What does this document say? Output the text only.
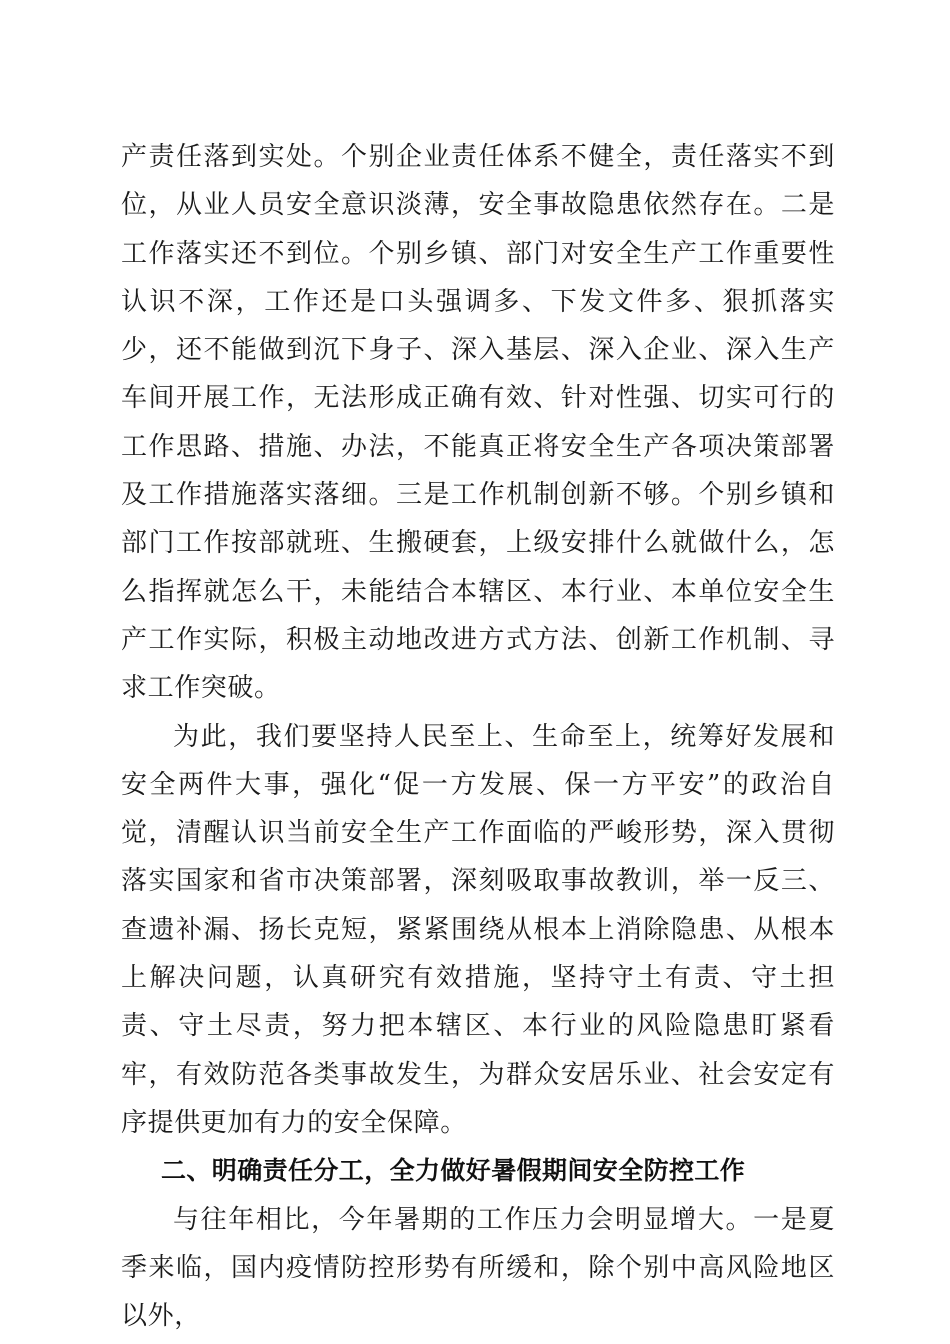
产责任落到实处。个别企业责任体系不健全，责任落实不到位，从业人员安全意识淡薄，安全事故隐患依然存在。二是工作落实还不到位。个别乡镇、部门对安全生产工作重要性认识不深，工作还是口头强调多、下发文件多、狠抓落实少，还不能做到沉下身子、深入基层、深入企业、深入生产车间开展工作，无法形成正确有效、针对性强、切实可行的工作思路、措施、办法，不能真正将安全生产各项决策部署及工作措施落实落细。三是工作机制创新不够。个别乡镇和部门工作按部就班、生搬硬套，上级安排什么就做什么，怎么指挥就怎么干，未能结合本辖区、本行业、本单位安全生产工作实际，积极主动地改进方式方法、创新工作机制、寻求工作突破。

为此，我们要坚持人民至上、生命至上，统筹好发展和安全两件大事，强化“促一方发展、保一方平安”的政治自觉，清醒认识当前安全生产工作面临的严峻形势，深入贯彻落实国家和省市决策部署，深刻吸取事故教训，举一反三、查遗补漏、扬长克短，紧紧围绕从根本上消除隐患、从根本上解决问题，认真研究有效措施，坚持守土有责、守土担责、守土尽责，努力把本辖区、本行业的风险隐患盯紧看牢，有效防范各类事故发生，为群众安居乐业、社会安定有序提供更加有力的安全保障。

二、明确责任分工，全力做好暑假期间安全防控工作

与往年相比，今年暑期的工作压力会明显增大。一是夏季来临，国内疫情防控形势有所缓和，除个别中高风险地区以外，
